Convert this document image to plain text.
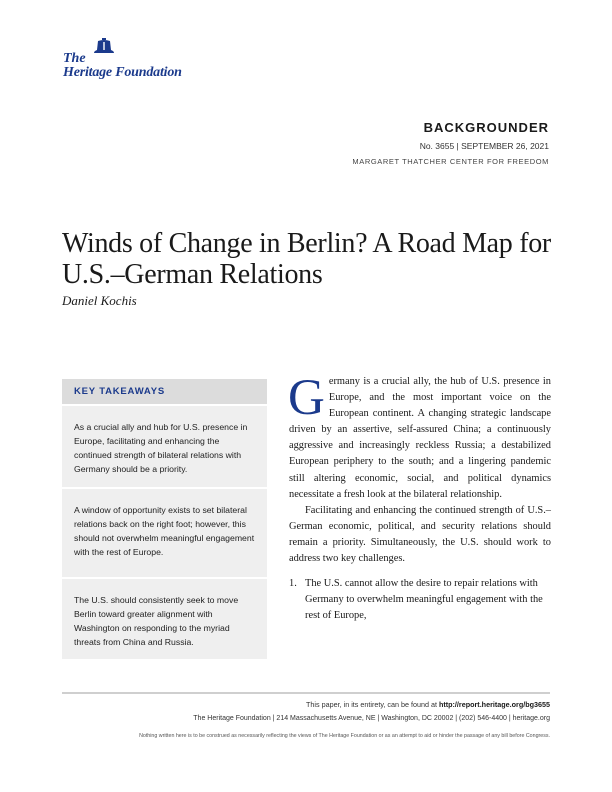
The
Heritage Foundation
BACKGROUNDER
No. 3655 | SEPTEMBER 26, 2021
MARGARET THATCHER CENTER FOR FREEDOM
Winds of Change in Berlin? A Road Map for U.S.–German Relations
Daniel Kochis
KEY TAKEAWAYS

As a crucial ally and hub for U.S. presence in Europe, facilitating and enhancing the continued strength of bilateral relations with Germany should be a priority.

A window of opportunity exists to set bilateral relations back on the right foot; however, this should not overwhelm meaningful engagement with the rest of Europe.

The U.S. should consistently seek to move Berlin toward greater alignment with Washington on responding to the myriad threats from China and Russia.

Germany is a crucial ally, the hub of U.S. presence in Europe, and the most important voice on the European continent. A changing strategic landscape driven by an assertive, self-assured China; a continuously aggressive and increasingly reckless Russia; a destabilized European periphery to the south; and a lingering pandemic still altering economic, social, and political dynamics necessitate a fresh look at the bilateral relationship.

Facilitating and enhancing the continued strength of U.S.–German economic, political, and security relations should remain a priority. Simultaneously, the U.S. should work to address two key challenges.

1. The U.S. cannot allow the desire to repair relations with Germany to overwhelm meaningful engagement with the rest of Europe,

This paper, in its entirety, can be found at http://report.heritage.org/bg3655
The Heritage Foundation | 214 Massachusetts Avenue, NE | Washington, DC 20002 | (202) 546-4400 | heritage.org
Nothing written here is to be construed as necessarily reflecting the views of The Heritage Foundation or as an attempt to aid or hinder the passage of any bill before Congress.
